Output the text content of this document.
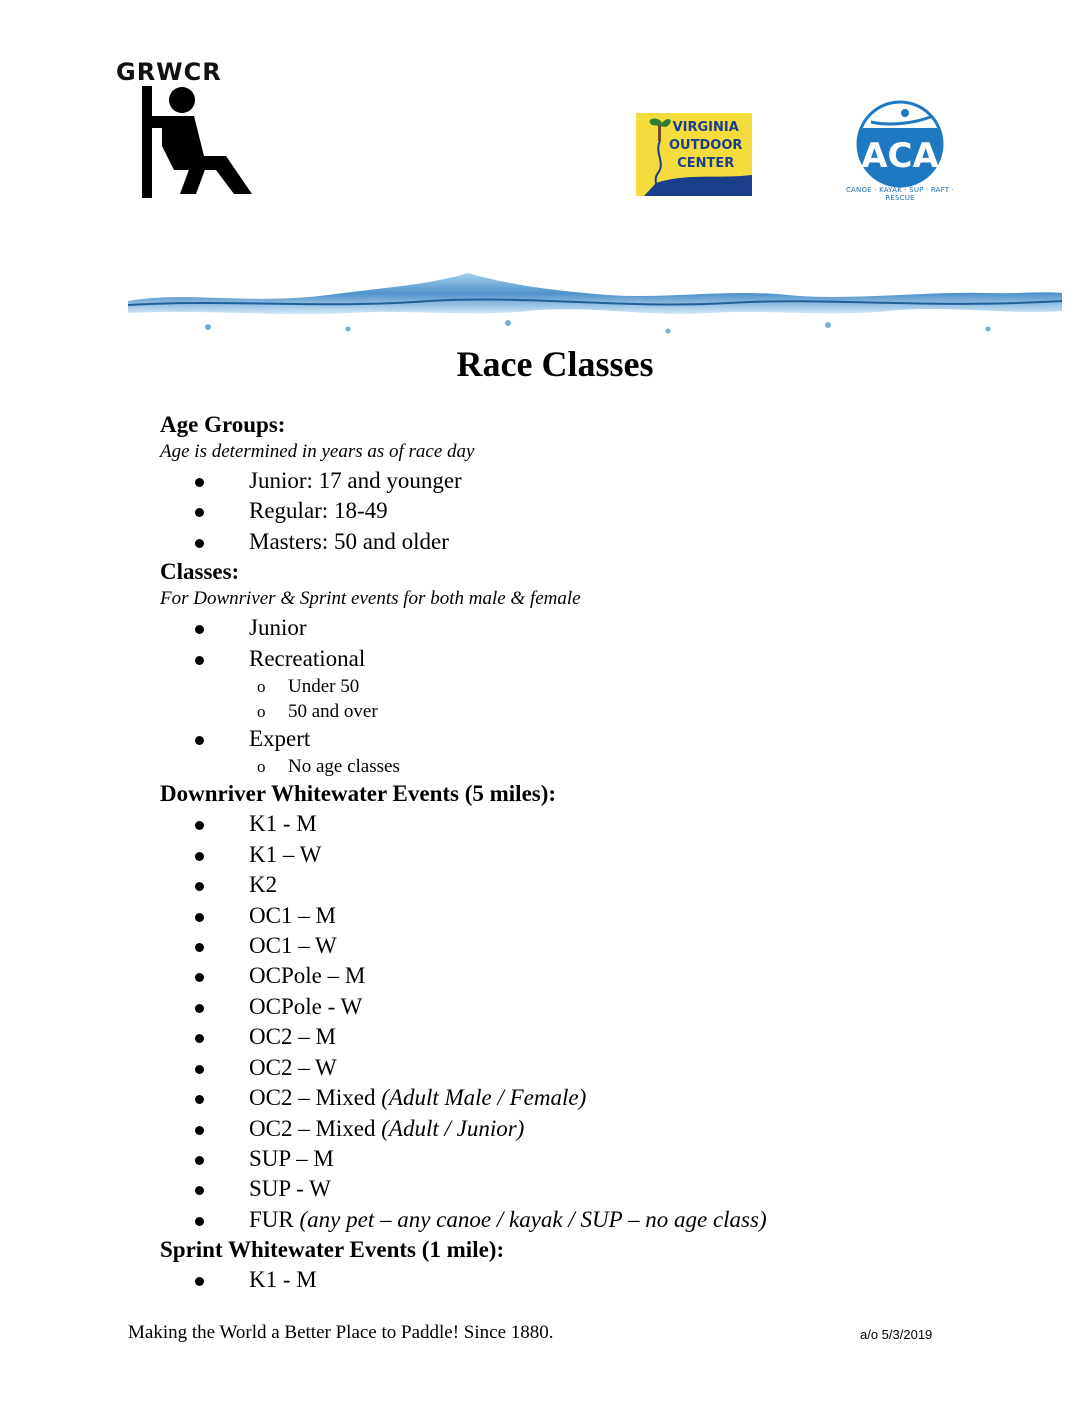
GRWCR
VIRGINIA
OUTDOOR
CENTER	ACA
CANOE · KAYAK · SUP · RAFT · RESCUE
Race Classes

Age Groups:

Age is determined in years as of race day

Junior: 17 and younger
Regular: 18-49
Masters: 50 and older

Classes:

For Downriver & Sprint events for both male & female

Junior
Recreational
o Under 50
o 50 and over
Expert
o No age classes

Downriver Whitewater Events (5 miles):

K1 - M
K1 – W
K2
OC1 – M
OC1 – W
OCPole – M
OCPole - W
OC2 – M
OC2 – W
OC2 – Mixed (Adult Male / Female)
OC2 – Mixed (Adult / Junior)
SUP – M
SUP - W
FUR (any pet – any canoe / kayak / SUP – no age class)

Sprint Whitewater Events (1 mile):

K1 - M
Making the World a Better Place to Paddle! Since 1880.	a/o 5/3/2019
